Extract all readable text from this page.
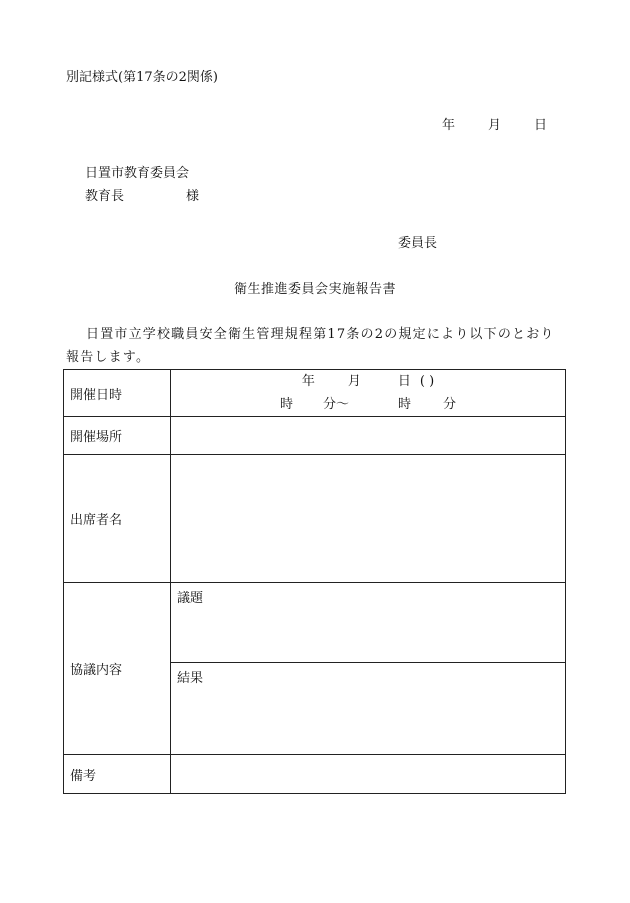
別記様式(第17条の2関係)
年	月	日
日置市教育委員会
教育長	様
委員長
衛生推進委員会実施報告書
日置市立学校職員安全衛生管理規程第17条の2の規定により以下のとおり報告します。
開催日時	年 月 日 ( )
時 分～ 時 分

開催場所	
出席者名	
協議内容	議題

	結果

備考	
